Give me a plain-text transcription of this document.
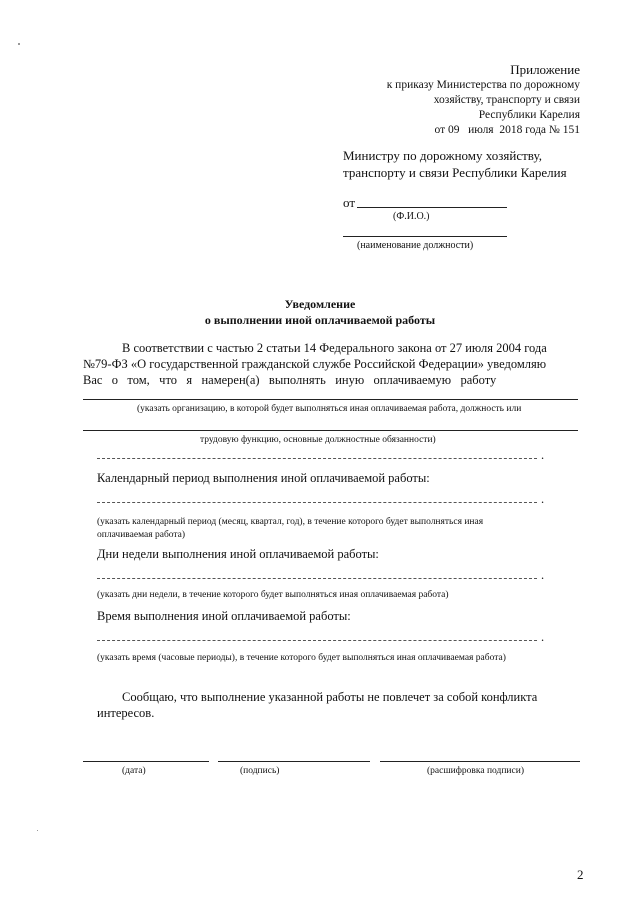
Приложение
к приказу Министерства по дорожному
хозяйству, транспорту и связи
Республики Карелия
от 09   июля  2018 года № 151
Министру по дорожному хозяйству,
транспорту и связи Республики Карелия
от
(Ф.И.О.)
(наименование должности)
Уведомление
о выполнении иной оплачиваемой работы
В соответствии с частью 2 статьи 14 Федерального закона от 27 июля 2004 года
№79-ФЗ «О государственной гражданской службе Российской Федерации» уведомляю
Вас   о   том,   что   я   намерен(а)   выполнять   иную   оплачиваемую   работу
(указать организацию, в которой будет выполняться иная оплачиваемая работа, должность или
трудовую функцию, основные должностные обязанности)
.
Календарный период выполнения иной оплачиваемой работы:
.
(указать календарный период (месяц, квартал, год), в течение которого будет выполняться иная
оплачиваемая работа)
Дни недели выполнения иной оплачиваемой работы:
.
(указать дни недели, в течение которого будет выполняться иная оплачиваемая работа)
Время выполнения иной оплачиваемой работы:
.
(указать время (часовые периоды), в течение которого будет выполняться иная оплачиваемая работа)
Сообщаю, что выполнение указанной работы не повлечет за собой конфликта
интересов.
(дата)	(подпись)	(расшифровка подписи)
2
